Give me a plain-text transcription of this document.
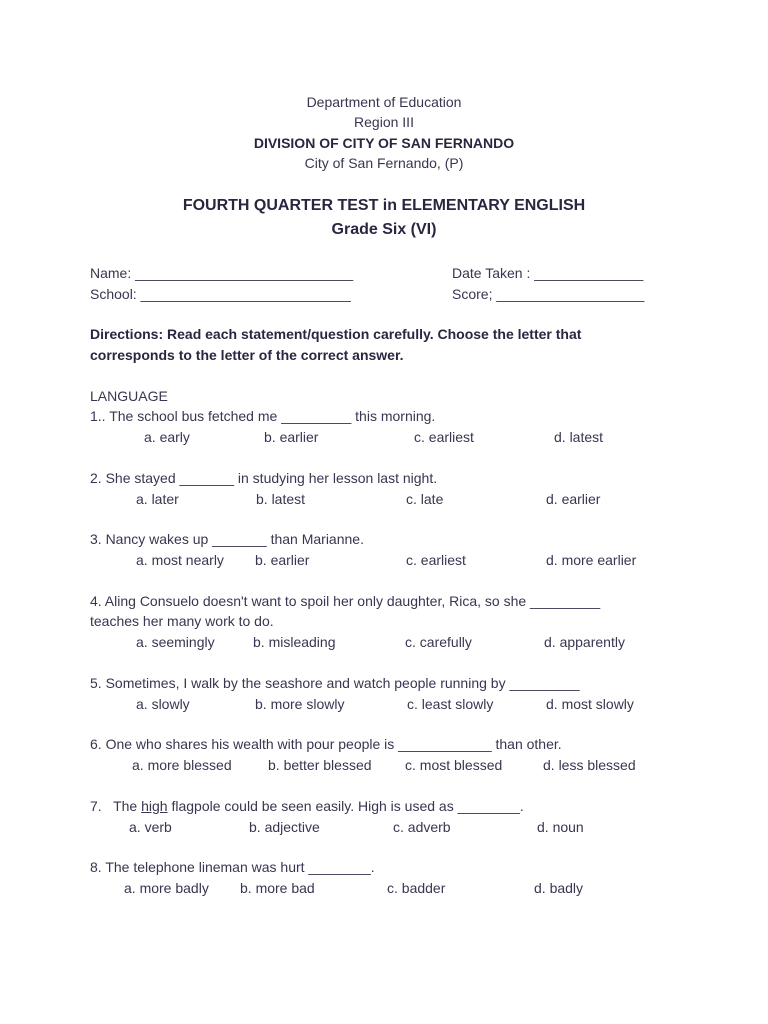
Department of Education
Region III
DIVISION OF CITY OF SAN FERNANDO
City of San Fernando, (P)
FOURTH QUARTER TEST in ELEMENTARY ENGLISH
Grade Six (VI)
Name: ____________________________	Date Taken : ______________
School: ___________________________	Score; ___________________
Directions: Read each statement/question carefully. Choose the letter that
corresponds to the letter of the correct answer.
LANGUAGE
1.. The school bus fetched me _________ this morning.
a. early	b. earlier	c. earliest	d. latest
2. She stayed _______ in studying her lesson last night.
a. later	b. latest	c. late	d. earlier
3. Nancy wakes up _______ than Marianne.
a. most nearly b. earlier	c. earliest	d. more earlier
4. Aling Consuelo doesn't want to spoil her only daughter, Rica, so she _________
teaches her many work to do.
a. seemingly	b. misleading	c. carefully	d. apparently
5. Sometimes, I walk by the seashore and watch people running by _________
a. slowly	b. more slowly	c. least slowly	d. most slowly
6. One who shares his wealth with pour people is ____________ than other.
a. more blessed	b. better blessed c. most blessed	d. less blessed
7.   The high flagpole could be seen easily. High is used as ________.
a. verb	b. adjective	c. adverb	d. noun
8. The telephone lineman was hurt ________.
a. more badly b. more bad	c. badder	d. badly
